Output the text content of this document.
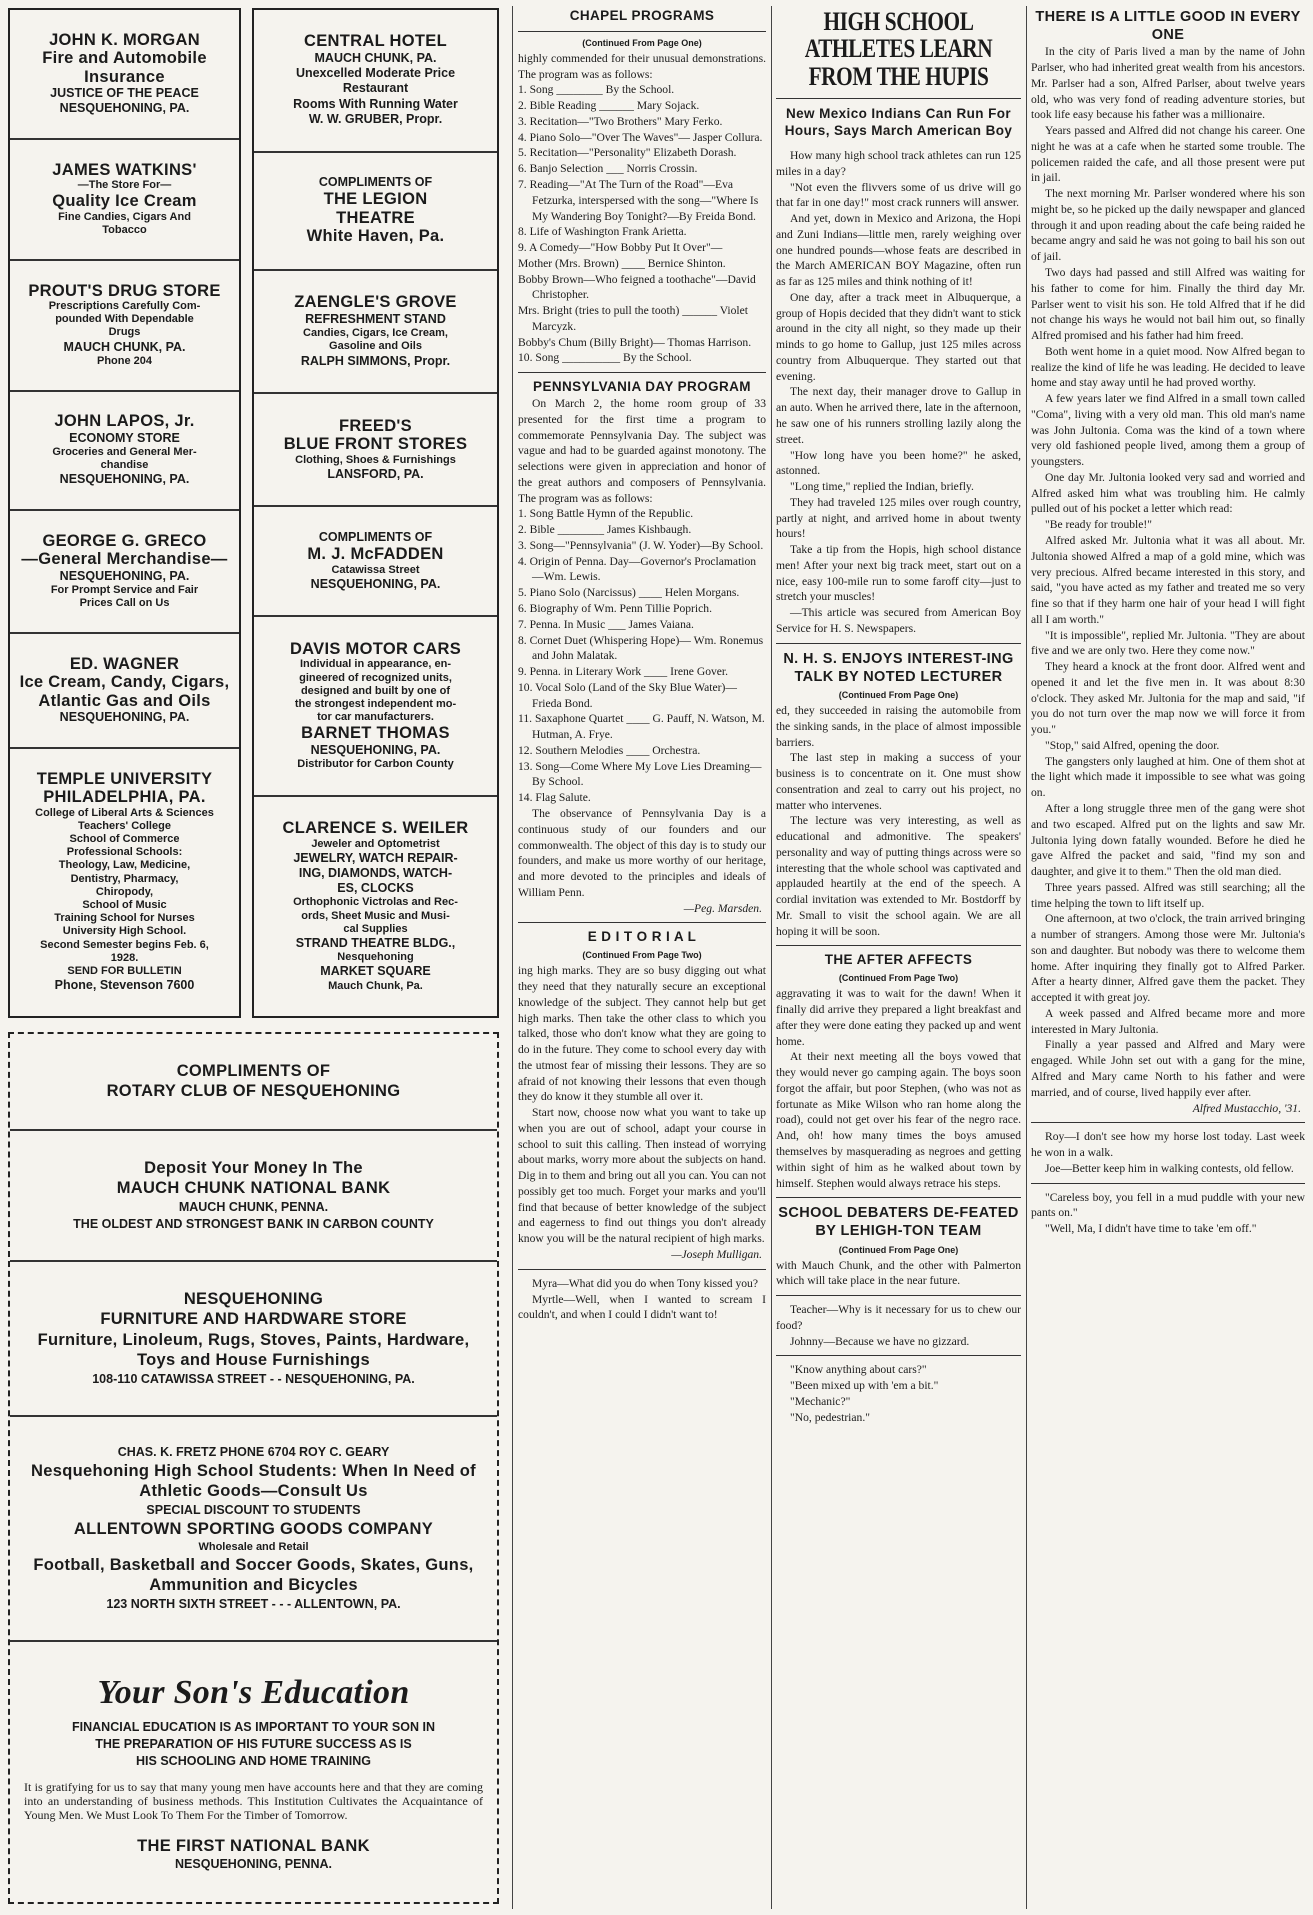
JOHN K. MORGAN
Fire and Automobile
Insurance
JUSTICE OF THE PEACE
NESQUEHONING, PA.
JAMES WATKINS'
—The Store For—
Quality Ice Cream
Fine Candies, Cigars And
Tobacco
PROUT'S DRUG STORE
Prescriptions Carefully Com-
pounded With Dependable
Drugs
MAUCH CHUNK, PA.
Phone 204
JOHN LAPOS, Jr.
ECONOMY STORE
Groceries and General Mer-
chandise
NESQUEHONING, PA.
GEORGE G. GRECO
—General Merchandise—
NESQUEHONING, PA.
For Prompt Service and Fair
Prices Call on Us
ED. WAGNER
Ice Cream, Candy, Cigars,
Atlantic Gas and Oils
NESQUEHONING, PA.
TEMPLE UNIVERSITY
PHILADELPHIA, PA.
College of Liberal Arts & Sciences
Teachers' College
School of Commerce
Professional Schools:
Theology, Law, Medicine,
Dentistry, Pharmacy,
Chiropody,
School of Music
Training School for Nurses
University High School.
Second Semester begins Feb. 6,
1928.
SEND FOR BULLETIN
Phone, Stevenson 7600
CENTRAL HOTEL
MAUCH CHUNK, PA.
Unexcelled Moderate Price
Restaurant
Rooms With Running Water
W. W. GRUBER, Propr.
COMPLIMENTS OF
THE LEGION
THEATRE
White Haven, Pa.
ZAENGLE'S GROVE
REFRESHMENT STAND
Candies, Cigars, Ice Cream,
Gasoline and Oils
RALPH SIMMONS, Propr.
FREED'S
BLUE FRONT STORES
Clothing, Shoes & Furnishings
LANSFORD, PA.
COMPLIMENTS OF
M. J. McFADDEN
Catawissa Street
NESQUEHONING, PA.
DAVIS MOTOR CARS
Individual in appearance, en-
gineered of recognized units,
designed and built by one of
the strongest independent mo-
tor car manufacturers.
BARNET THOMAS
NESQUEHONING, PA.
Distributor for Carbon County
CLARENCE S. WEILER
Jeweler and Optometrist
JEWELRY, WATCH REPAIR-
ING, DIAMONDS, WATCH-
ES, CLOCKS
Orthophonic Victrolas and Rec-
ords, Sheet Music and Musi-
cal Supplies
STRAND THEATRE BLDG.,
Nesquehoning
MARKET SQUARE
Mauch Chunk, Pa.
COMPLIMENTS OF
ROTARY CLUB OF NESQUEHONING
Deposit Your Money In The
MAUCH CHUNK NATIONAL BANK
MAUCH CHUNK, PENNA.
THE OLDEST AND STRONGEST BANK IN CARBON COUNTY
NESQUEHONING
FURNITURE AND HARDWARE STORE
Furniture, Linoleum, Rugs, Stoves, Paints, Hardware,
Toys and House Furnishings
108-110 CATAWISSA STREET - - NESQUEHONING, PA.
CHAS. K. FRETZ PHONE 6704 ROY C. GEARY
Nesquehoning High School Students: When In Need of
Athletic Goods—Consult Us
SPECIAL DISCOUNT TO STUDENTS
ALLENTOWN SPORTING GOODS COMPANY
Wholesale and Retail
Football, Basketball and Soccer Goods, Skates, Guns,
Ammunition and Bicycles
123 NORTH SIXTH STREET - - - ALLENTOWN, PA.
Your Son's Education
FINANCIAL EDUCATION IS AS IMPORTANT TO YOUR SON IN
THE PREPARATION OF HIS FUTURE SUCCESS AS IS
HIS SCHOOLING AND HOME TRAINING
It is gratifying for us to say that many young men have accounts here and that they are coming into an understanding of business methods. This Institution Cultivates the Acquaintance of Young Men. We Must Look To Them For the Timber of Tomorrow.
THE FIRST NATIONAL BANK
NESQUEHONING, PENNA.
CHAPEL PROGRAMS
(Continued From Page One)
highly commended for their unusual demonstrations. The program was as follows:
1. Song ________ By the School.
2. Bible Reading ______ Mary Sojack.
3. Recitation—"Two Brothers" Mary Ferko.
4. Piano Solo—"Over The Waves"— Jasper Collura.
5. Recitation—"Personality" Elizabeth Dorash.
6. Banjo Selection ___ Norris Crossin.
7. Reading—"At The Turn of the Road"—Eva Fetzurka, interspersed with the song—"Where Is My Wandering Boy Tonight?—By Freida Bond.
8. Life of Washington Frank Arietta.
9. A Comedy—"How Bobby Put It Over"—
Mother (Mrs. Brown) ____ Bernice Shinton.
Bobby Brown—Who feigned a toothache"—David Christopher.
Mrs. Bright (tries to pull the tooth) ______ Violet Marcyzk.
Bobby's Chum (Billy Bright)— Thomas Harrison.
10. Song __________ By the School.
PENNSYLVANIA DAY PROGRAM
On March 2, the home room group of 33 presented for the first time a program to commemorate Pennsylvania Day. The subject was vague and had to be guarded against monotony. The selections were given in appreciation and honor of the great authors and composers of Pennsylvania. The program was as follows:
1. Song Battle Hymn of the Republic.
2. Bible ________ James Kishbaugh.
3. Song—"Pennsylvania" (J. W. Yoder)—By School.
4. Origin of Penna. Day—Governor's Proclamation—Wm. Lewis.
5. Piano Solo (Narcissus) ____ Helen Morgans.
6. Biography of Wm. Penn Tillie Poprich.
7. Penna. In Music ___ James Vaiana.
8. Cornet Duet (Whispering Hope)— Wm. Ronemus and John Malatak.
9. Penna. in Literary Work ____ Irene Gover.
10. Vocal Solo (Land of the Sky Blue Water)—Frieda Bond.
11. Saxaphone Quartet ____ G. Pauff, N. Watson, M. Hutman, A. Frye.
12. Southern Melodies ____ Orchestra.
13. Song—Come Where My Love Lies Dreaming—By School.
14. Flag Salute.
The observance of Pennsylvania Day is a continuous study of our founders and our commonwealth. The object of this day is to study our founders, and make us more worthy of our heritage, and more devoted to the principles and ideals of William Penn.
—Peg. Marsden.
E D I T O R I A L
(Continued From Page Two)
ing high marks. They are so busy digging out what they need that they naturally secure an exceptional knowledge of the subject. They cannot help but get high marks. Then take the other class to which you talked, those who don't know what they are going to do in the future. They come to school every day with the utmost fear of missing their lessons. They are so afraid of not knowing their lessons that even though they do know it they stumble all over it.
Start now, choose now what you want to take up when you are out of school, adapt your course in school to suit this calling. Then instead of worrying about marks, worry more about the subjects on hand. Dig in to them and bring out all you can. You can not possibly get too much. Forget your marks and you'll find that because of better knowledge of the subject and eagerness to find out things you don't already know you will be the natural recipient of high marks.
—Joseph Mulligan.
Myra—What did you do when Tony kissed you?
Myrtle—Well, when I wanted to scream I couldn't, and when I could I didn't want to!
HIGH SCHOOL ATHLETES LEARN FROM THE HUPIS
New Mexico Indians Can Run For Hours, Says March American Boy
How many high school track athletes can run 125 miles in a day?
"Not even the flivvers some of us drive will go that far in one day!" most crack runners will answer.
And yet, down in Mexico and Arizona, the Hopi and Zuni Indians—little men, rarely weighing over one hundred pounds—whose feats are described in the March AMERICAN BOY Magazine, often run as far as 125 miles and think nothing of it!
One day, after a track meet in Albuquerque, a group of Hopis decided that they didn't want to stick around in the city all night, so they made up their minds to go home to Gallup, just 125 miles across country from Albuquerque. They started out that evening.
The next day, their manager drove to Gallup in an auto. When he arrived there, late in the afternoon, he saw one of his runners strolling lazily along the street.
"How long have you been home?" he asked, astonned.
"Long time," replied the Indian, briefly.
They had traveled 125 miles over rough country, partly at night, and arrived home in about twenty hours!
Take a tip from the Hopis, high school distance men! After your next big track meet, start out on a nice, easy 100-mile run to some faroff city—just to stretch your muscles!
—This article was secured from American Boy Service for H. S. Newspapers.
N. H. S. ENJOYS INTEREST-ING TALK BY NOTED LECTURER
(Continued From Page One)
ed, they succeeded in raising the automobile from the sinking sands, in the place of almost impossible barriers.
The last step in making a success of your business is to concentrate on it. One must show consentration and zeal to carry out his project, no matter who intervenes.
The lecture was very interesting, as well as educational and admonitive. The speakers' personality and way of putting things across were so interesting that the whole school was captivated and applauded heartily at the end of the speech. A cordial invitation was extended to Mr. Bostdorff by Mr. Small to visit the school again. We are all hoping it will be soon.
THE AFTER AFFECTS
(Continued From Page Two)
aggravating it was to wait for the dawn! When it finally did arrive they prepared a light breakfast and after they were done eating they packed up and went home.
At their next meeting all the boys vowed that they would never go camping again. The boys soon forgot the affair, but poor Stephen, (who was not as fortunate as Mike Wilson who ran home along the road), could not get over his fear of the negro race. And, oh! how many times the boys amused themselves by masquerading as negroes and getting within sight of him as he walked about town by himself. Stephen would always retrace his steps.
SCHOOL DEBATERS DE-FEATED BY LEHIGH-TON TEAM
(Continued From Page One)
with Mauch Chunk, and the other with Palmerton which will take place in the near future.
Teacher—Why is it necessary for us to chew our food?
Johnny—Because we have no gizzard.
"Know anything about cars?"
"Been mixed up with 'em a bit."
"Mechanic?"
"No, pedestrian."
THERE IS A LITTLE GOOD IN EVERY ONE
In the city of Paris lived a man by the name of John Parlser, who had inherited great wealth from his ancestors. Mr. Parlser had a son, Alfred Parlser, about twelve years old, who was very fond of reading adventure stories, but took life easy because his father was a millionaire.
Years passed and Alfred did not change his career. One night he was at a cafe when he started some trouble. The policemen raided the cafe, and all those present were put in jail.
The next morning Mr. Parlser wondered where his son might be, so he picked up the daily newspaper and glanced through it and upon reading about the cafe being raided he became angry and said he was not going to bail his son out of jail.
Two days had passed and still Alfred was waiting for his father to come for him. Finally the third day Mr. Parlser went to visit his son. He told Alfred that if he did not change his ways he would not bail him out, so finally Alfred promised and his father had him freed.
Both went home in a quiet mood. Now Alfred began to realize the kind of life he was leading. He decided to leave home and stay away until he had proved worthy.
A few years later we find Alfred in a small town called "Coma", living with a very old man. This old man's name was John Jultonia. Coma was the kind of a town where very old fashioned people lived, among them a group of youngsters.
One day Mr. Jultonia looked very sad and worried and Alfred asked him what was troubling him. He calmly pulled out of his pocket a letter which read:
"Be ready for trouble!"
Alfred asked Mr. Jultonia what it was all about. Mr. Jultonia showed Alfred a map of a gold mine, which was very precious. Alfred became interested in this story, and said, "you have acted as my father and treated me so very fine so that if they harm one hair of your head I will fight all I am worth."
"It is impossible", replied Mr. Jultonia. "They are about five and we are only two. Here they come now."
They heard a knock at the front door. Alfred went and opened it and let the five men in. It was about 8:30 o'clock. They asked Mr. Jultonia for the map and said, "if you do not turn over the map now we will force it from you."
"Stop," said Alfred, opening the door.
The gangsters only laughed at him. One of them shot at the light which made it impossible to see what was going on.
After a long struggle three men of the gang were shot and two escaped. Alfred put on the lights and saw Mr. Jultonia lying down fatally wounded. Before he died he gave Alfred the packet and said, "find my son and daughter, and give it to them." Then the old man died.
Three years passed. Alfred was still searching; all the time helping the town to lift itself up.
One afternoon, at two o'clock, the train arrived bringing a number of strangers. Among those were Mr. Jultonia's son and daughter. But nobody was there to welcome them home. After inquiring they finally got to Alfred Parker. After a hearty dinner, Alfred gave them the packet. They accepted it with great joy.
A week passed and Alfred became more and more interested in Mary Jultonia.
Finally a year passed and Alfred and Mary were engaged. While John set out with a gang for the mine, Alfred and Mary came North to his father and were married, and of course, lived happily ever after.
Alfred Mustacchio, '31.
Roy—I don't see how my horse lost today. Last week he won in a walk.
Joe—Better keep him in walking contests, old fellow.
"Careless boy, you fell in a mud puddle with your new pants on."
"Well, Ma, I didn't have time to take 'em off."
